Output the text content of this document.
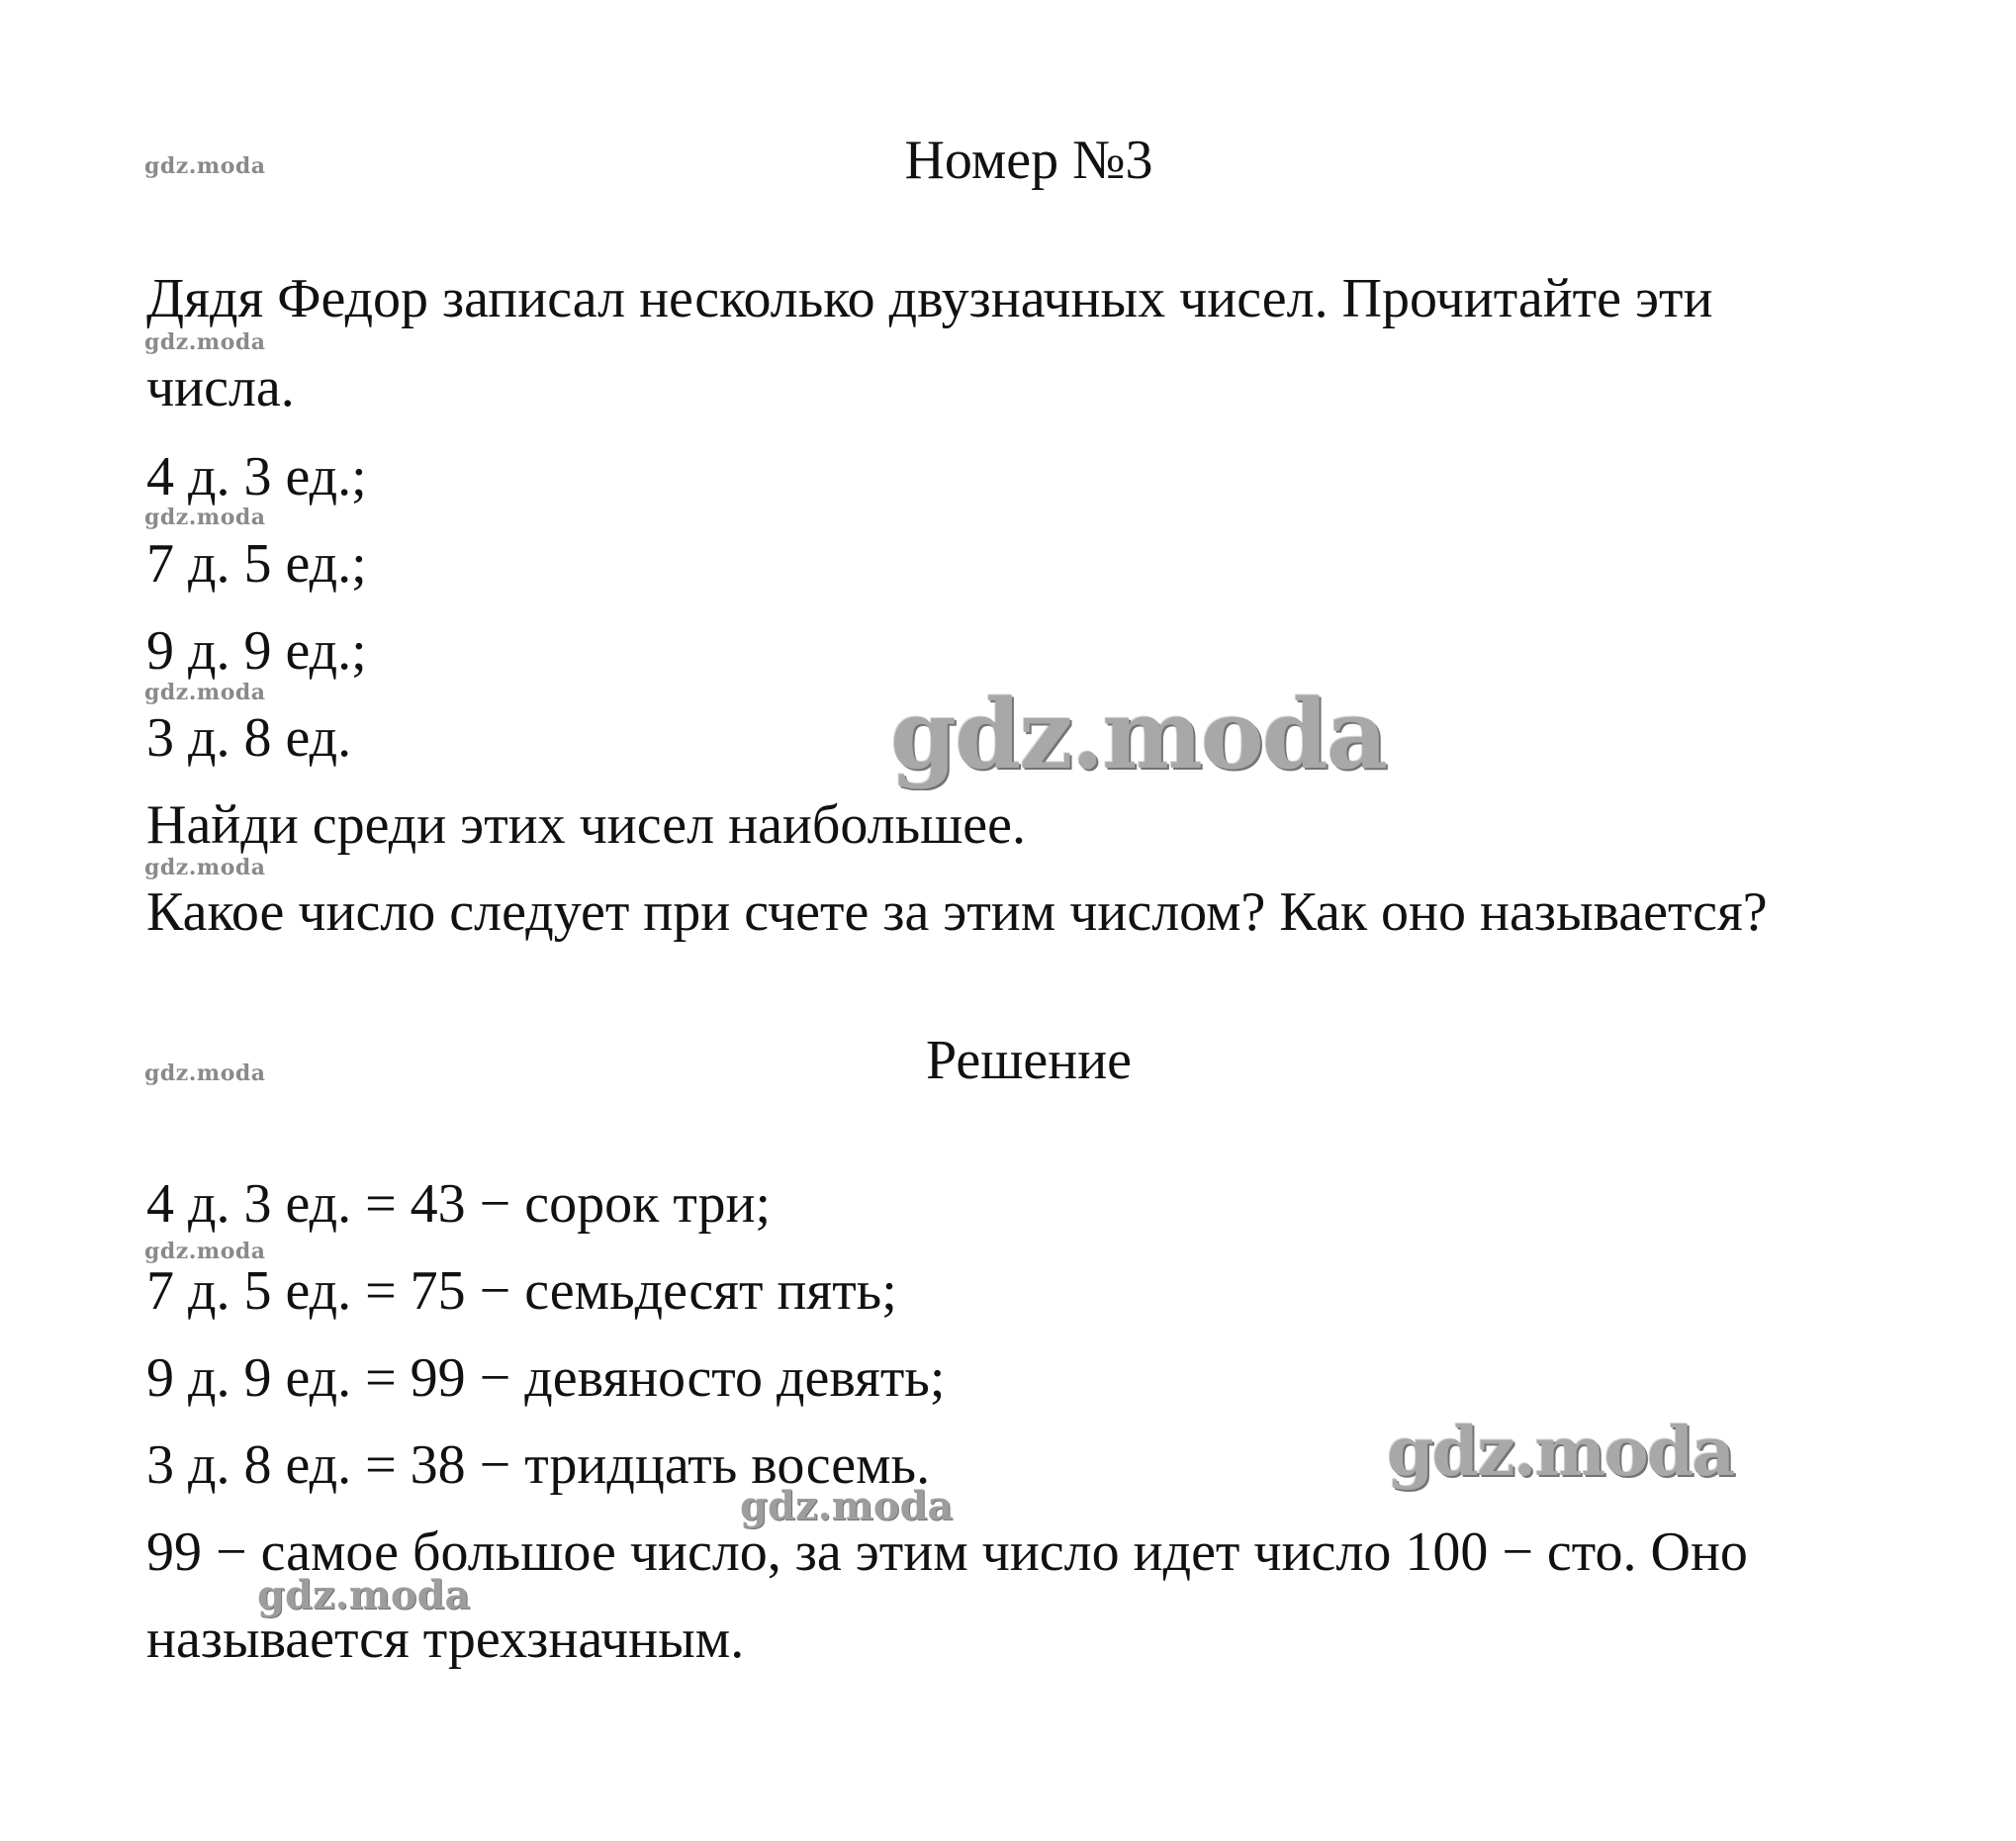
Номер №3
Дядя Федор записал несколько двузначных чисел. Прочитайте эти
числа.
4 д. 3 ед.;
7 д. 5 ед.;
9 д. 9 ед.;
3 д. 8 ед.
Найди среди этих чисел наибольшее.
Какое число следует при счете за этим числом? Как оно называется?
Решение
4 д. 3 ед. = 43 − сорок три;
7 д. 5 ед. = 75 − семьдесят пять;
9 д. 9 ед. = 99 − девяносто девять;
3 д. 8 ед. = 38 − тридцать восемь.
99 − самое большое число, за этим число идет число 100 − сто. Оно
называется трехзначным.
gdz.moda
gdz.moda
gdz.moda
gdz.moda
gdz.moda
gdz.moda
gdz.moda
gdz.moda
gdz.moda
gdz.moda
gdz.moda
